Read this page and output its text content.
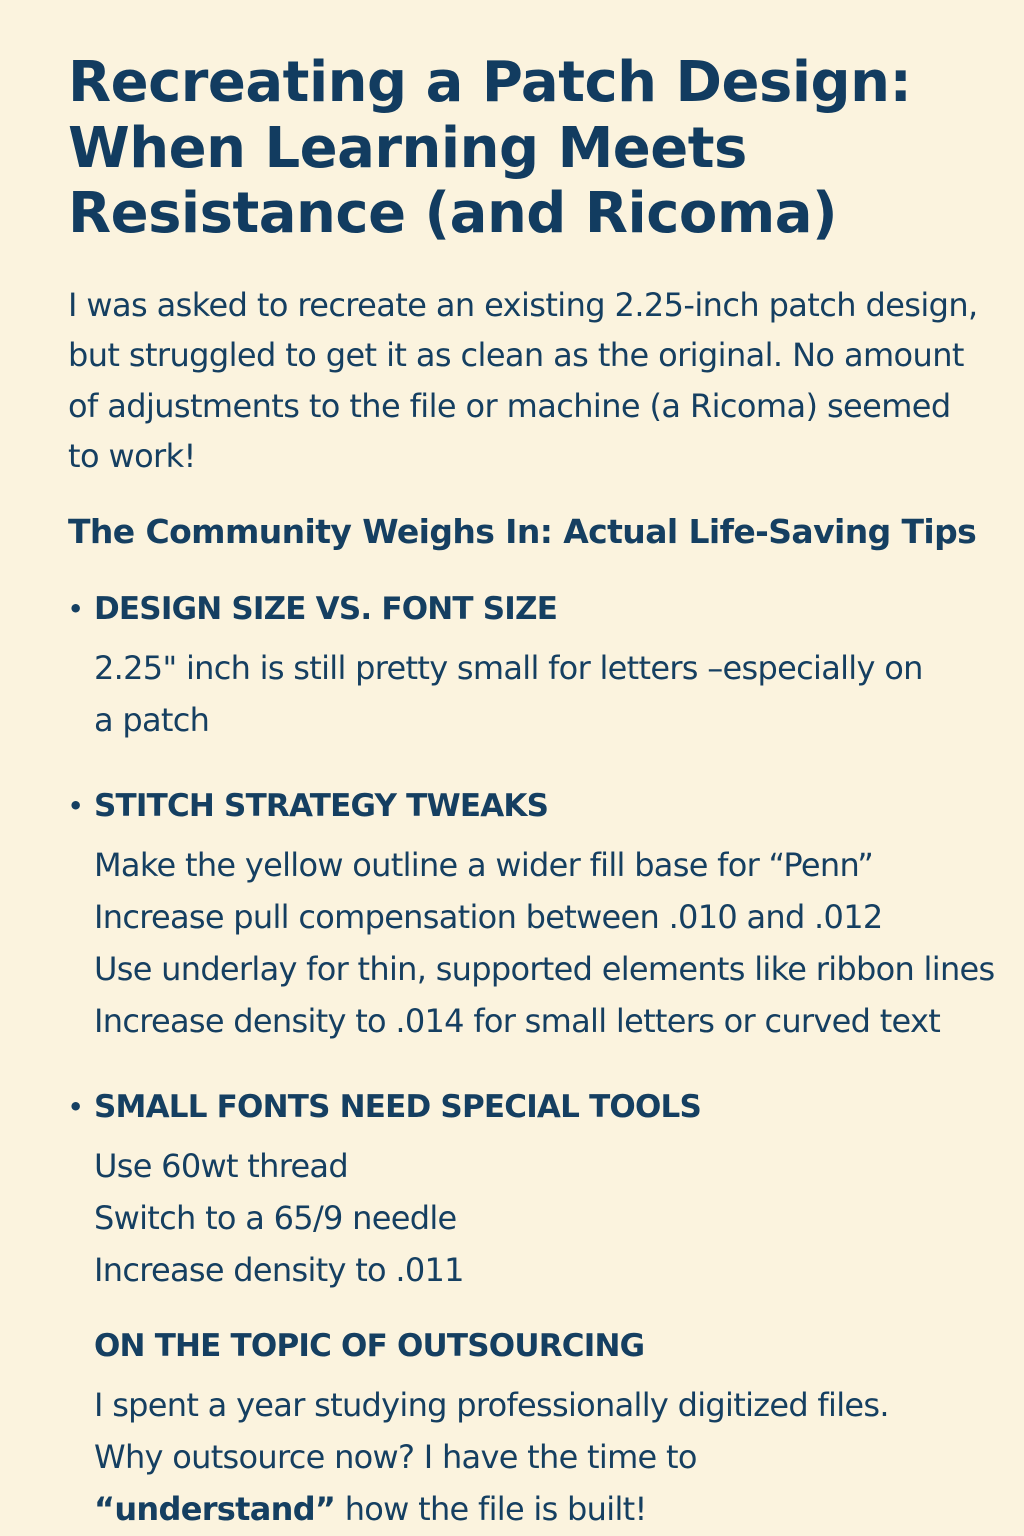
Recreating a Patch Design:
When Learning Meets
Resistance (and Ricoma)

I was asked to recreate an existing 2.25-inch patch design, but struggled to get it as clean as the original. No amount of adjustments to the file or machine (a Ricoma) seemed to work!

The Community Weighs In: Actual Life-Saving Tips
• DESIGN SIZE VS. FONT SIZE

2.25" inch is still pretty small for letters –especially on a patch

• STITCH STRATEGY TWEAKS
Make the yellow outline a wider fill base for “Penn”
Increase pull compensation between .010 and .012
Use underlay for thin, supported elements like ribbon lines
Increase density to .014 for small letters or curved text
• SMALL FONTS NEED SPECIAL TOOLS
Use 60wt thread
Switch to a 65/9 needle
Increase density to .011
ON THE TOPIC OF OUTSOURCING

I spent a year studying professionally digitized files. Why outsource now? I have the time to “understand” how the file is built!
